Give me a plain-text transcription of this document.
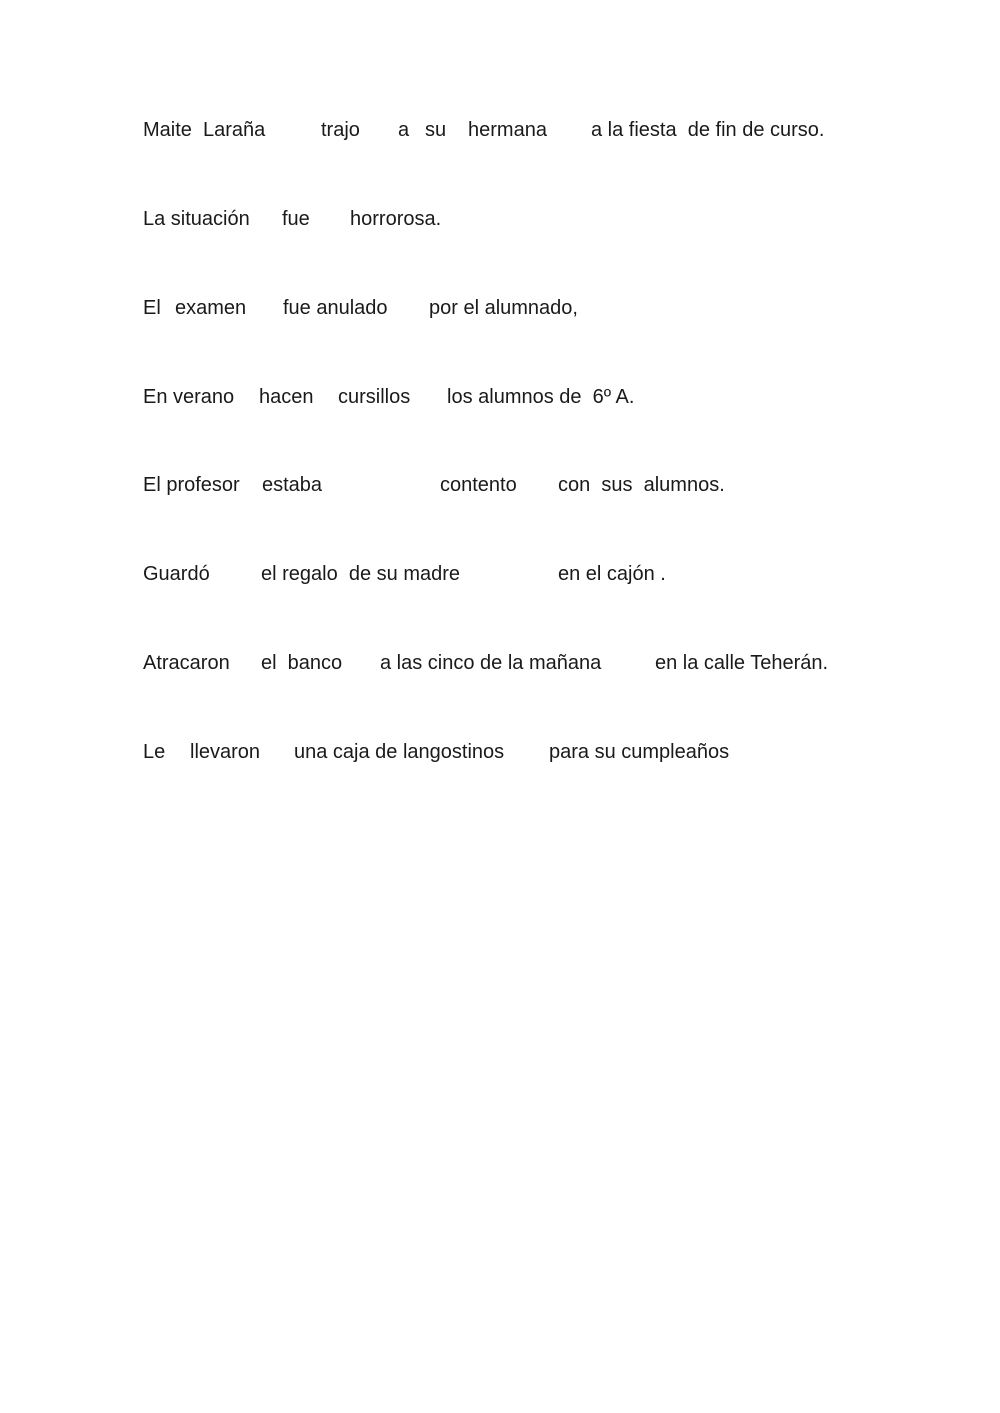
Maite  Laraña	trajo a su hermana a la fiesta  de fin de curso.
La situación fue horrorosa.
El examen fue anulado por el alumnado,
En verano hacen cursillos los alumnos de  6º A.
El profesor estaba	contento con  sus  alumnos.
Guardó	el regalo  de su madre	en el cajón .
Atracaron el  banco a las cinco de la mañana	en la calle Teherán.
Le llevaron una caja de langostinos para su cumpleaños
